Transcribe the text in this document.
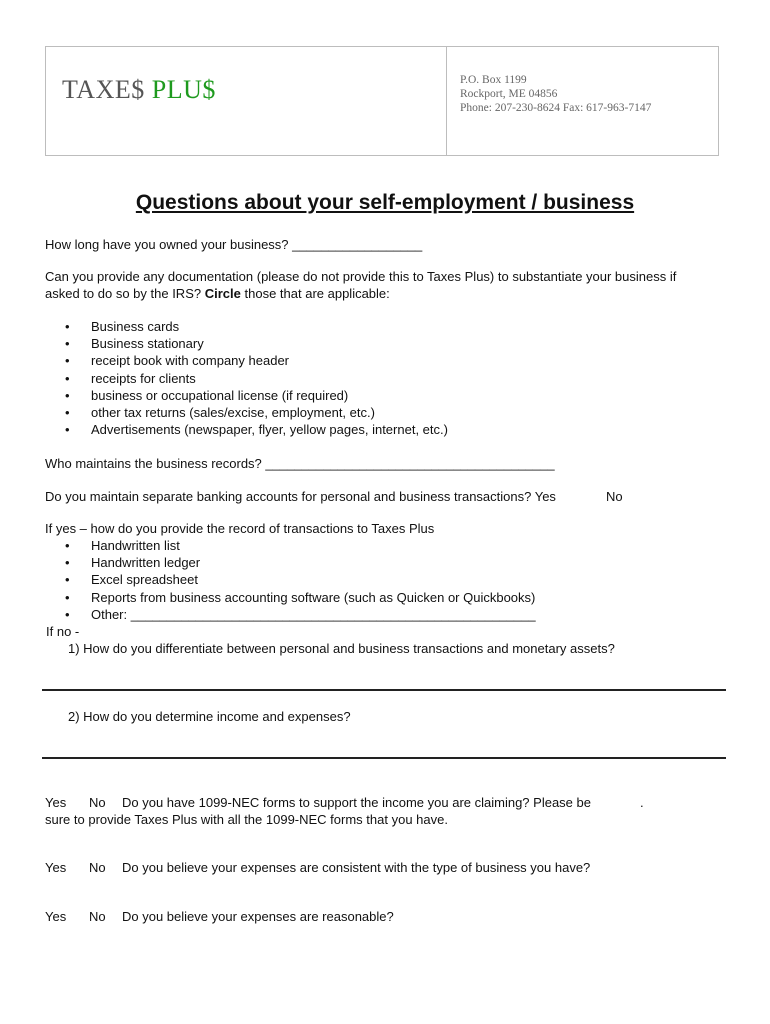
TAXE$ PLU$	P.O. Box 1199
Rockport, ME 04856
Phone: 207-230-8624 Fax: 617-963-7147
Questions about your self-employment / business
How long have you owned your business? __________________
Can you provide any documentation (please do not provide this to Taxes Plus) to substantiate your business if
asked to do so by the IRS? Circle those that are applicable:
• Business cards
• Business stationary
• receipt book with company header
• receipts for clients
• business or occupational license (if required)
• other tax returns (sales/excise, employment, etc.)
• Advertisements (newspaper, flyer, yellow pages, internet, etc.)
Who maintains the business records? ________________________________________
Do you maintain separate banking accounts for personal and business transactions? Yes	No
If yes – how do you provide the record of transactions to Taxes Plus
• Handwritten list
• Handwritten ledger
• Excel spreadsheet
• Reports from business accounting software (such as Quicken or Quickbooks)
• Other: ________________________________________________________
If no -
1) How do you differentiate between personal and business transactions and monetary assets?
2) How do you determine income and expenses?
Yes No Do you have 1099-NEC forms to support the income you are claiming? Please be	.
sure to provide Taxes Plus with all the 1099-NEC forms that you have.
Yes No Do you believe your expenses are consistent with the type of business you have?
Yes No Do you believe your expenses are reasonable?
